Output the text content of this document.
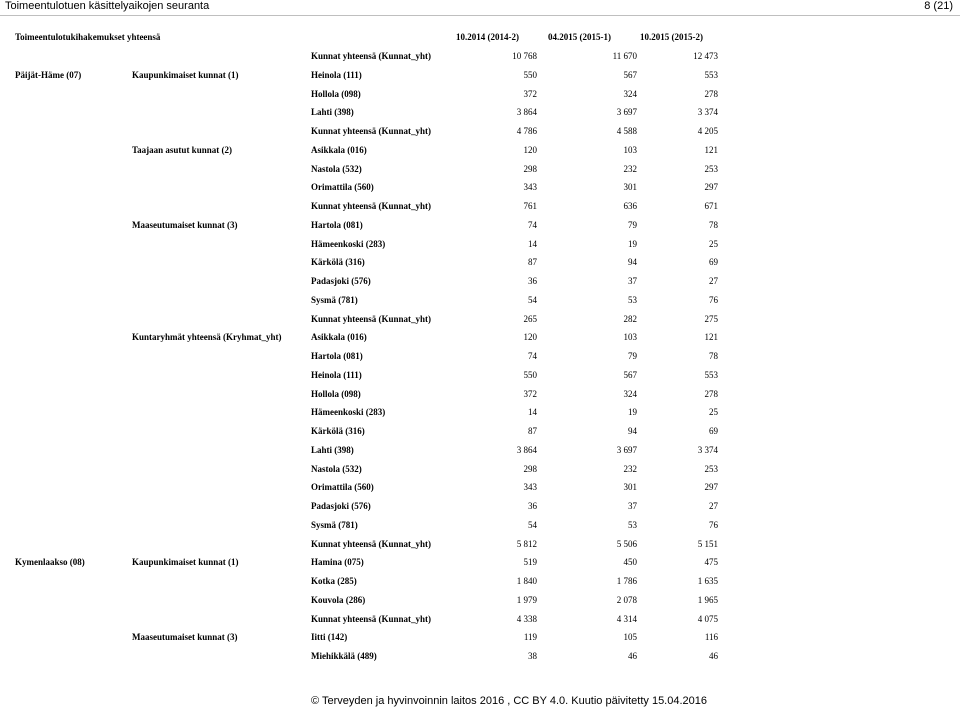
Toimeentulotuen käsittelyaikojen seuranta	8 (21)
Toimeentulotukihakemukset yhteensä	10.2014 (2014-2)	04.2015 (2015-1)	10.2015 (2015-2)
Kunnat yhteensä (Kunnat_yht)	10 768	11 670	12 473
Päijät-Häme (07)	Kaupunkimaiset kunnat (1)	Heinola (111)	550	567	553
Hollola (098)	372	324	278
Lahti (398)	3 864	3 697	3 374
Kunnat yhteensä (Kunnat_yht)	4 786	4 588	4 205
Taajaan asutut kunnat (2)	Asikkala (016)	120	103	121
Nastola (532)	298	232	253
Orimattila (560)	343	301	297
Kunnat yhteensä (Kunnat_yht)	761	636	671
Maaseutumaiset kunnat (3)	Hartola (081)	74	79	78
Hämeenkoski (283)	14	19	25
Kärkölä (316)	87	94	69
Padasjoki (576)	36	37	27
Sysmä (781)	54	53	76
Kunnat yhteensä (Kunnat_yht)	265	282	275
Kuntaryhmät yhteensä (Kryhmat_yht)	Asikkala (016)	120	103	121
Hartola (081)	74	79	78
Heinola (111)	550	567	553
Hollola (098)	372	324	278
Hämeenkoski (283)	14	19	25
Kärkölä (316)	87	94	69
Lahti (398)	3 864	3 697	3 374
Nastola (532)	298	232	253
Orimattila (560)	343	301	297
Padasjoki (576)	36	37	27
Sysmä (781)	54	53	76
Kunnat yhteensä (Kunnat_yht)	5 812	5 506	5 151
Kymenlaakso (08)	Kaupunkimaiset kunnat (1)	Hamina (075)	519	450	475
Kotka (285)	1 840	1 786	1 635
Kouvola (286)	1 979	2 078	1 965
Kunnat yhteensä (Kunnat_yht)	4 338	4 314	4 075
Maaseutumaiset kunnat (3)	Iitti (142)	119	105	116
Miehikkälä (489)	38	46	46
© Terveyden ja hyvinvoinnin laitos 2016 , CC BY 4.0. Kuutio päivitetty 15.04.2016
